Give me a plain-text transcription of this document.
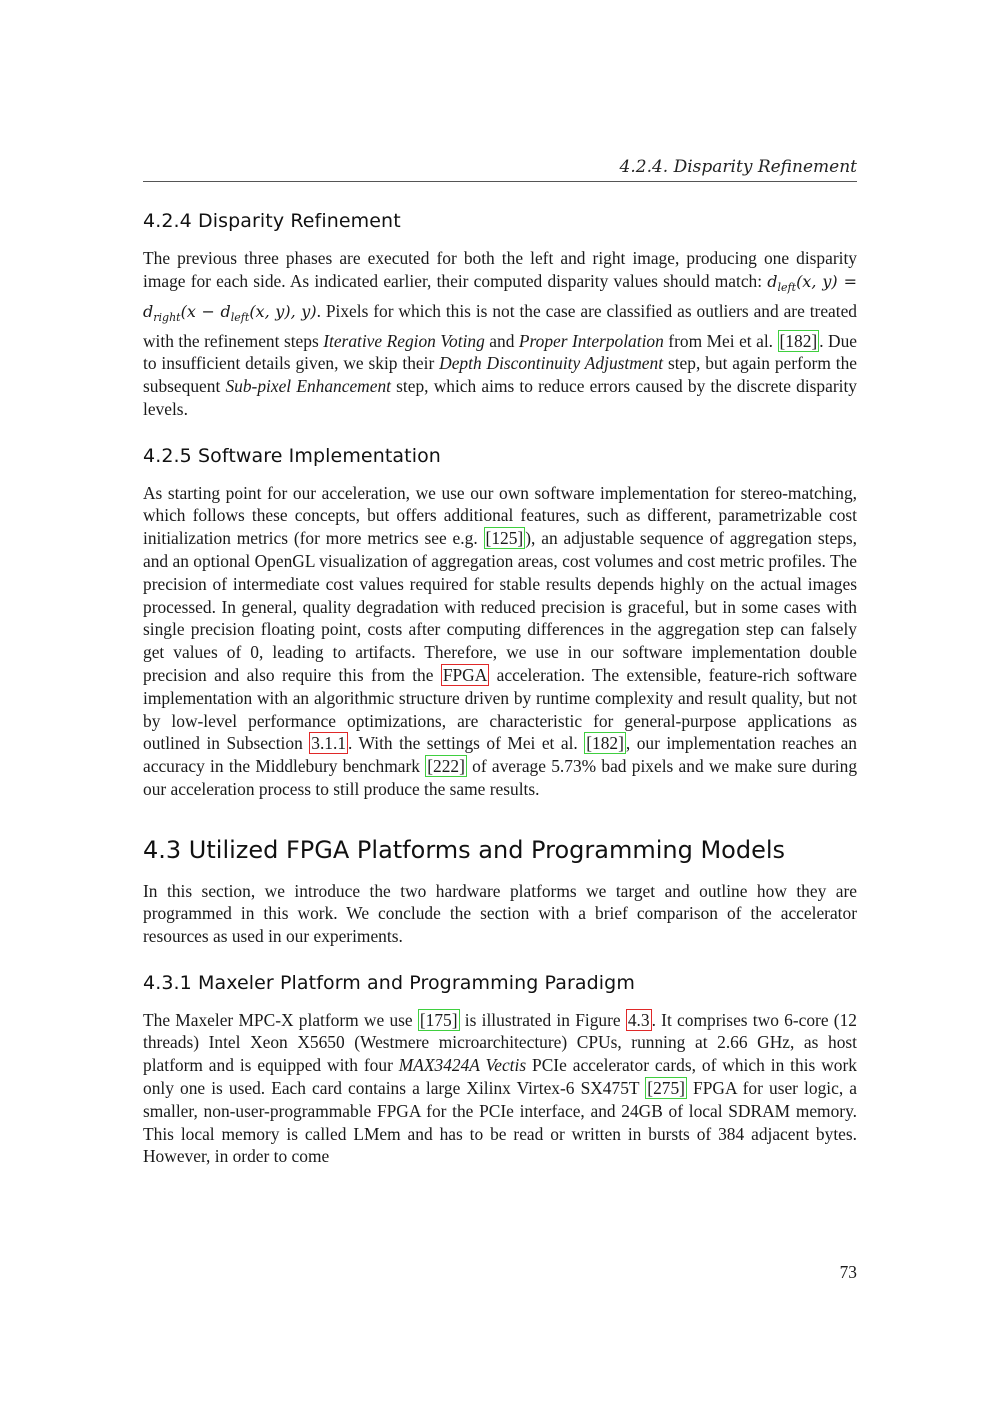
4.2.4. Disparity Refinement
4.2.4 Disparity Refinement

The previous three phases are executed for both the left and right image, producing one disparity image for each side. As indicated earlier, their computed disparity values should match: $d_{left}(x$, $y) = d_{right}(x - d_{left}(x$, y), y). Pixels for which this is not the case are classified as outliers and are treated with the refinement steps Iterative Region Voting and Proper Interpolation from Mei et al. [182] . Due to insufficient details given, we skip their Depth Discontinuity Adjustment step, but again perform the subsequent Sub-pixel Enhancement step, which aims to reduce errors caused by the discrete disparity levels.

4.2.5 Software Implementation

As starting point for our acceleration, we use our own software implementation for stereo-matching, which follows these concepts, but offers additional features, such as different, parametrizable cost initialization metrics (for more metrics see e.g. [125] ), an adjustable sequence of aggregation steps, and an optional OpenGL visualization of aggregation areas, cost volumes and cost metric profiles. The precision of intermediate cost values required for stable results depends highly on the actual images processed. In general, quality degradation with reduced precision is graceful, but in some cases with single precision floating point, costs after computing differences in the aggregation step can falsely get values of 0, leading to artifacts. Therefore, we use in our software implementation double precision and also require this from the FPGA acceleration. The extensible, feature-rich software implementation with an algorithmic structure driven by runtime complexity and result quality, but not by low-level performance optimizations, are characteristic for general-purpose applications as outlined in Subsection 3.1.1 . With the settings of Mei et al. [182] , our implementation reaches an accuracy in the Middlebury benchmark [222] of average 5.73% bad pixels and we make sure during our acceleration process to still produce the same results.

4.3 Utilized FPGA Platforms and Programming Models

In this section, we introduce the two hardware platforms we target and outline how they are programmed in this work. We conclude the section with a brief comparison of the accelerator resources as used in our experiments.

4.3.1 Maxeler Platform and Programming Paradigm

The Maxeler MPC-X platform we use [175] is illustrated in Figure 4.3 . It comprises two 6-core (12 threads) Intel Xeon X5650 (Westmere microarchitecture) CPUs, running at 2.66 GHz, as host platform and is equipped with four MAX3424A Vectis PCIe accelerator cards, of which in this work only one is used. Each card contains a large Xilinx Virtex-6 SX475T [275] FPGA for user logic, a smaller, non-user-programmable FPGA for the PCIe interface, and 24GB of local SDRAM memory. This local memory is called LMem and has to be read or written in bursts of 384 adjacent bytes. However, in order to come

73
